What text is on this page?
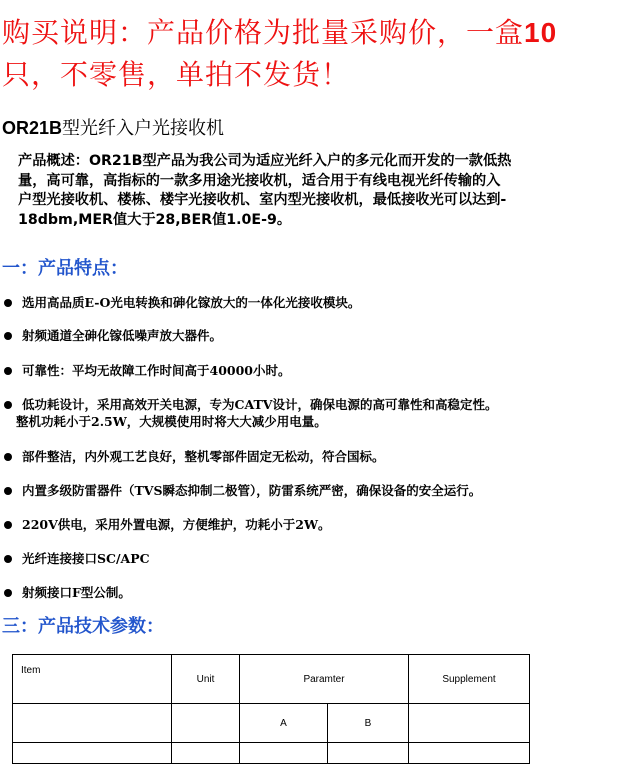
购买说明：产品价格为批量采购价，一盒10
只，不零售，单拍不发货！
OR21B型光纤入户光接收机
产品概述：OR21B型产品为我公司为适应光纤入户的多元化而开发的一款低热
量，高可靠，高指标的一款多用途光接收机，适合用于有线电视光纤传输的入
户型光接收机、楼栋、楼宇光接收机、室内型光接收机，最低接收光可以达到-
18dbm,MER值大于28,BER值1.0E-9。
一：产品特点：
选用高品质E-O光电转换和砷化镓放大的一体化光接收模块。
射频通道全砷化镓低噪声放大器件。
可靠性：平均无故障工作时间高于40000小时。
低功耗设计，采用高效开关电源，专为CATV设计，确保电源的高可靠性和高稳定性。
整机功耗小于2.5W，大规模使用时将大大减少用电量。
部件整洁，内外观工艺良好，整机零部件固定无松动，符合国标。
内置多级防雷器件（TVS瞬态抑制二极管），防雷系统严密，确保设备的安全运行。
220V供电，采用外置电源，方便维护，功耗小于2W。
光纤连接接口SC/APC
射频接口F型公制。
三：产品技术参数：
Item	Unit	Paramter		Supplement
		A	B	
